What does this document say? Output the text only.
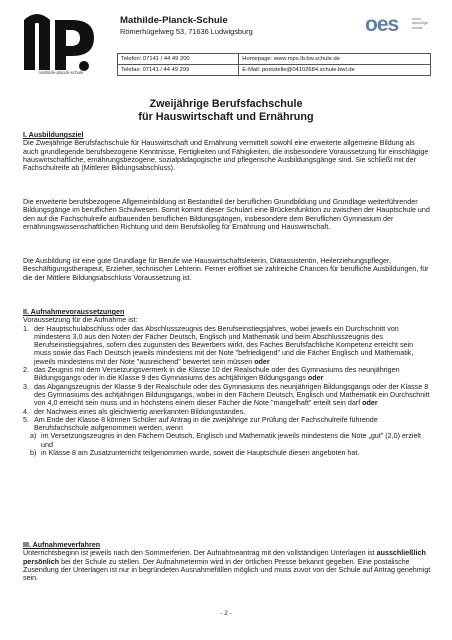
mathilde-planck-schule
Mathilde-Planck-Schule
Römerhügelweg 53, 71636 Ludwigsburg	oes	zurck
aprochige
schule
Telefon: 07141 / 44 49 200	Homepage: www.mps.lb.bw.schule.de
Telefax: 07141 / 44 49 299	E-Mail: poststelle@04102684.schule.bwl.de
Zweijährige Berufsfachschule
für Hauswirtschaft und Ernährung

I. Ausbildungsziel

Die Zweijährige Berufsfachschule für Hauswirtschaft und Ernährung vermittelt sowohl eine erweiterte allgemeine Bildung als auch grundlegende berufsbezogene Kenntnisse, Fertigkeiten und Fähigkeiten, die insbesondere Voraussetzung für einschlägige hauswirtschaftliche, ernährungsbezogene, sozialpädagogische und pflegerische Ausbildungsgänge sind. Sie schließt mit der Fachschulreife ab (Mittlerer Bildungsabschluss).

Die erweiterte berufsbezogene Allgemeinbildung ist Bestandteil der beruflichen Grundbildung und Grundlage weiterführender Bildungsgänge im beruflichen Schulwesen. Somit kommt dieser Schulart eine Brückenfunktion zu zwischen der Hauptschule und den auf die Fachschulreife aufbauenden beruflichen Bildungsgängen, insbesondere dem Beruflichen Gymnasium der ernährungswissenschaftlichen Richtung und dem Berufskolleg für Ernährung und Hauswirtschaft.

Die Ausbildung ist eine gute Grundlage für Berufe wie Hauswirtschaftsleiterin, Diätassistentin, Heilerziehungspfleger, Beschäftigungstherapeut, Erzieher, technischer Lehrerin. Ferner eröffnet sie zahlreiche Chancen für berufliche Ausbildungen, für die der Mittlere Bildungsabschluss Voraussetzung ist.

II. Aufnahmevoraussetzungen

Voraussetzung für die Aufnahme ist:

1. der Hauptschulabschluss oder das Abschlusszeugnis des Berufseinstiegsjahres, wobei jeweils ein Durchschnitt von mindestens 3,0 aus den Noten der Fächer Deutsch, Englisch und Mathematik und beim Abschlusszeugnis des Berufseinstiegsjahres, sofern dies zugunsten des Bewerbers wirkt, des Faches Berufsfachliche Kompetenz erreicht sein muss sowie das Fach Deutsch jeweils mindestens mit der Note "befriedigend" und die Fächer Englisch und Mathematik, jeweils mindestens mit der Note "ausreichend" bewertet sein müssen oder
2. das Zeugnis mit dem Versetzungsvermerk in die Klasse 10 der Realschule oder des Gymnasiums des neunjährigen Bildungsgangs oder in die Klasse 9 des Gymnasiums des achtjährigen Bildungsgangs oder
3. das Abgangszeugnis der Klasse 9 der Realschule oder des Gymnasiums des neunjährigen Bildungsgangs oder der Klasse 8 des Gymnasiums des achtjährigen Bildungsgangs, wobei in den Fächern Deutsch, Englisch und Mathematik ein Durchschnitt von 4,0 erreicht sein muss und in höchstens einem dieser Fächer die Note "mangelhaft" erteilt sein darf oder
4. der Nachweis eines als gleichwertig anerkannten Bildungsstandes.
5. Am Ende der Klasse 8 können Schüler auf Antrag in die zweijährige zur Prüfung der Fachschulreife führende Berufsfachschule aufgenommen werden, wenn
a) im Versetzungszeugnis in den Fächern Deutsch, Englisch und Mathematik jeweils mindestens die Note „gut" (2,0) erzielt und
b) in Klasse 8 am Zusatzunterricht teilgenommen wurde, soweit die Hauptschule diesen angeboten hat.

III. Aufnahmeverfahren

Unterrichtsbeginn ist jeweils nach den Sommerferien. Der Aufnahmeantrag mit den vollständigen Unterlagen ist ausschließlich persönlich bei der Schule zu stellen. Der Aufnahmetermin wird in der örtlichen Presse bekannt gegeben. Eine postalische Zusendung der Unterlagen ist nur in begründeten Ausnahmefällen möglich und muss zuvor von der Schule auf Antrag genehmigt sein.

- 2 -
